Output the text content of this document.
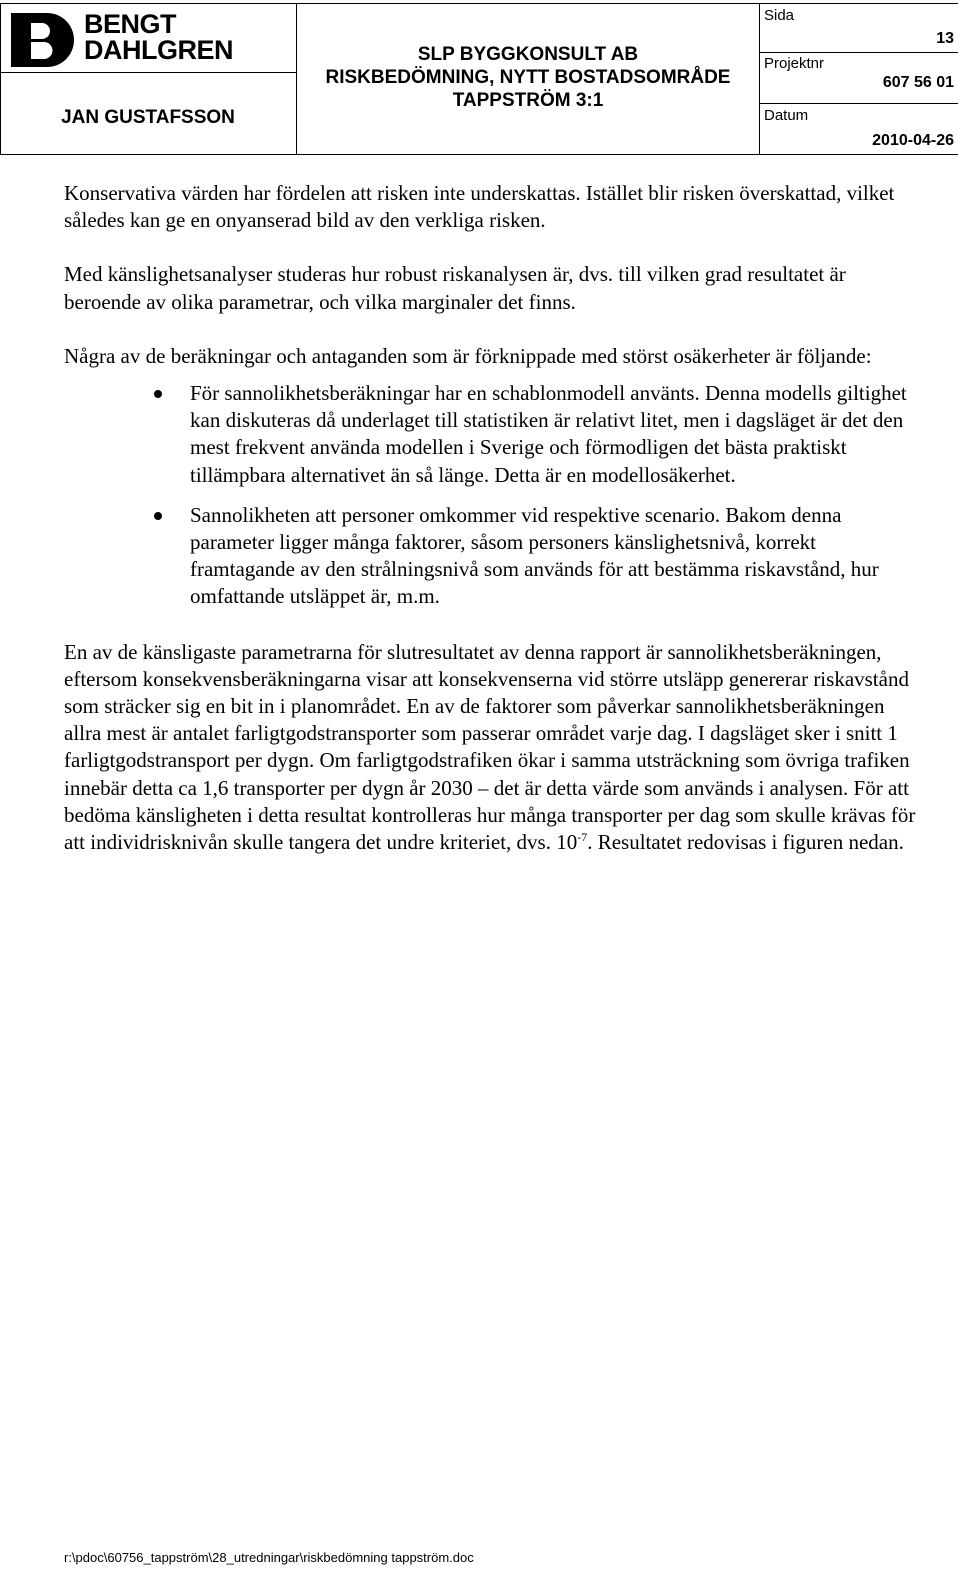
BENGT
DAHLGREN
JAN GUSTAFSSON
SLP BYGGKONSULT AB
RISKBEDÖMNING, NYTT BOSTADSOMRÅDE
TAPPSTRÖM 3:1
Sida
13
Projektnr
607 56 01
Datum
2010-04-26

Konservativa värden har fördelen att risken inte underskattas. Istället blir risken överskattad, vilket således kan ge en onyanserad bild av den verkliga risken.

Med känslighetsanalyser studeras hur robust riskanalysen är, dvs. till vilken grad resultatet är beroende av olika parametrar, och vilka marginaler det finns.

Några av de beräkningar och antaganden som är förknippade med störst osäkerheter är följande:

För sannolikhetsberäkningar har en schablonmodell använts. Denna modells giltighet kan diskuteras då underlaget till statistiken är relativt litet, men i dagsläget är det den mest frekvent använda modellen i Sverige och förmodligen det bästa praktiskt tillämpbara alternativet än så länge. Detta är en modellosäkerhet.
Sannolikheten att personer omkommer vid respektive scenario. Bakom denna parameter ligger många faktorer, såsom personers känslighetsnivå, korrekt framtagande av den strålningsnivå som används för att bestämma riskavstånd, hur omfattande utsläppet är, m.m.

En av de känsligaste parametrarna för slutresultatet av denna rapport är sannolikhetsberäkningen, eftersom konsekvensberäkningarna visar att konsekvenserna vid större utsläpp genererar riskavstånd som sträcker sig en bit in i planområdet. En av de faktorer som påverkar sannolikhetsberäkningen allra mest är antalet farligtgodstransporter som passerar området varje dag. I dagsläget sker i snitt 1 farligtgodstransport per dygn. Om farligtgodstrafiken ökar i samma utsträckning som övriga trafiken innebär detta ca 1,6 transporter per dygn år 2030 – det är detta värde som används i analysen. För att bedöma känsligheten i detta resultat kontrolleras hur många transporter per dag som skulle krävas för att individrisknivån skulle tangera det undre kriteriet, dvs. $10^{-7}$. Resultatet redovisas i figuren nedan.

r:\pdoc\60756_tappström\28_utredningar\riskbedömning tappström.doc
